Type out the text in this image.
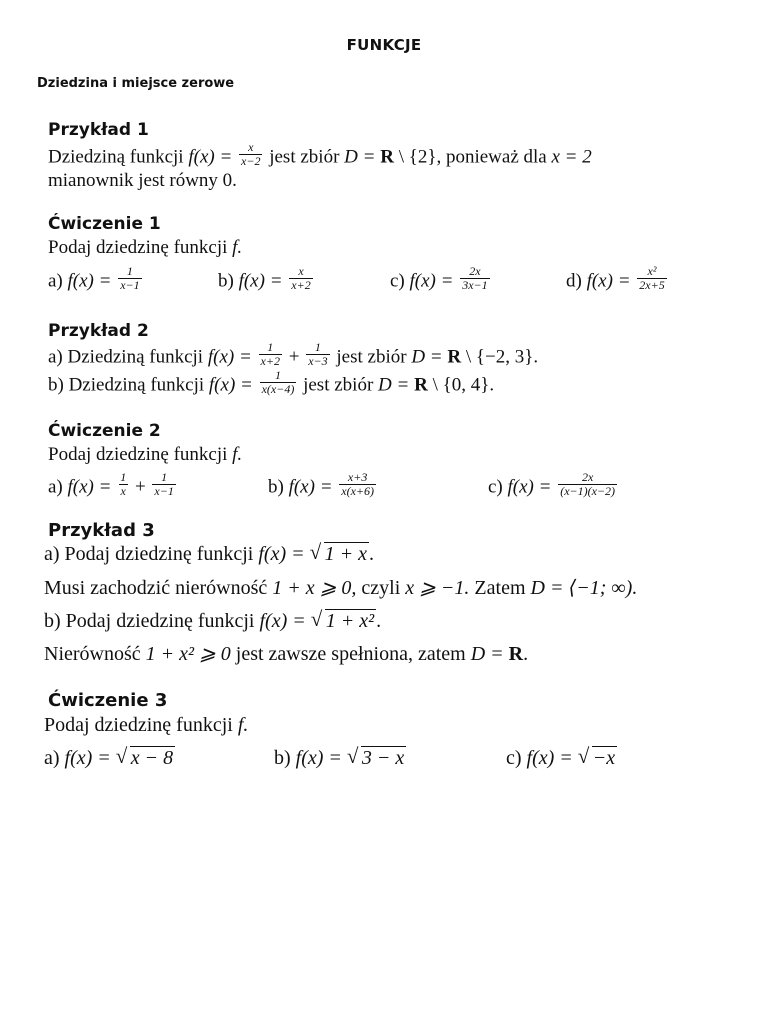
FUNKCJE
Dziedzina i miejsce zerowe
Przykład 1
Dziedziną funkcji $f(x) = \frac{x}{x-2}$ jest zbiór D = R \ {2}, ponieważ dla x = 2
mianownik jest równy 0.
Ćwiczenie 1
Podaj dziedzinę funkcji f.
a) $f(x) = \frac{1}{x-1}$	b) $f(x) = \frac{x}{x+2}$	c) $f(x) = \frac{2x}{3x-1}$	d) $f(x) = \frac{\text{x²}}{2x+5}$
Przykład 2
a) Dziedziną funkcji $f(x) = \frac{1}{x+2} + \frac{1}{x-3}$ jest zbiór D = R \ {−2, 3}.
b) Dziedziną funkcji $f(x) = \frac{1}{x(x-4)}$ jest zbiór D = R \ {0, 4}.
Ćwiczenie 2
Podaj dziedzinę funkcji f.
a) $f(x) = \frac{1}{x} + \frac{1}{x-1}$	b) $f(x) = \frac{x+3}{x(x+6)}$	c) $f(x) = \frac{2x}{(x-1)(x-2)}$
Przykład 3
a) Podaj dziedzinę funkcji f(x) = √ 1 + x .
Musi zachodzić nierówność 1 + x ⩾ 0, czyli x ⩾ −1. Zatem D = ⟨−1; ∞).
b) Podaj dziedzinę funkcji f(x) = √ 1 + x² .
Nierówność 1 + x² ⩾ 0 jest zawsze spełniona, zatem D = R.
Ćwiczenie 3
Podaj dziedzinę funkcji f.
a) f(x) = √ x − 8	b) f(x) = √ 3 − x	c) f(x) = √ −x
